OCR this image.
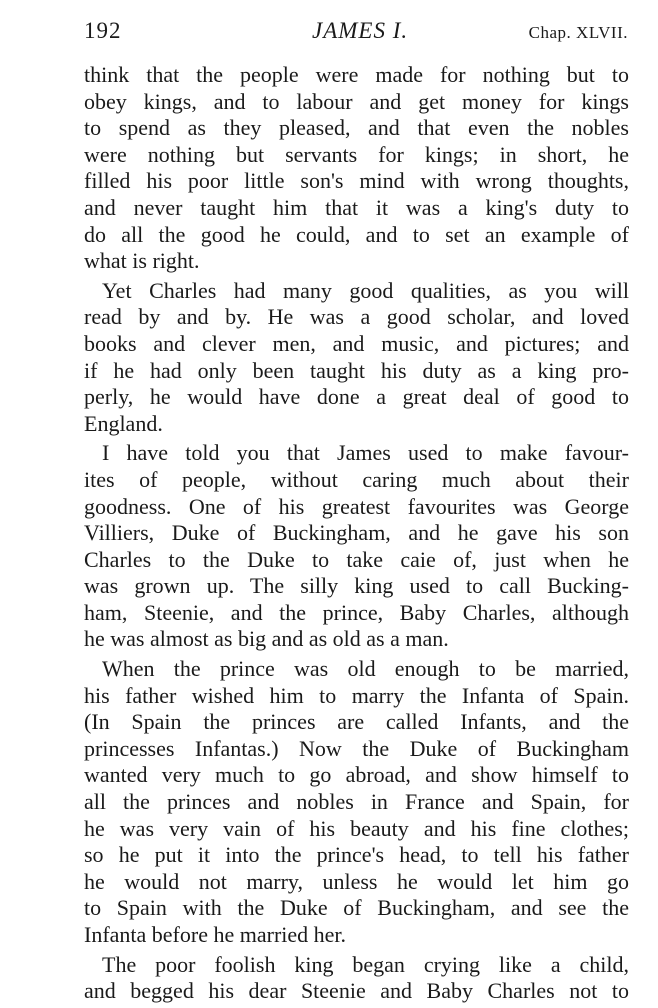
192	JAMES I.	Chap. XLVII.
think that the people were made for nothing but to
obey kings, and to labour and get money for kings
to spend as they pleased, and that even the nobles
were nothing but servants for kings; in short, he
filled his poor little son's mind with wrong thoughts,
and never taught him that it was a king's duty to
do all the good he could, and to set an example of
what is right.
Yet Charles had many good qualities, as you will
read by and by. He was a good scholar, and loved
books and clever men, and music, and pictures; and
if he had only been taught his duty as a king pro-
perly, he would have done a great deal of good to
England.
I have told you that James used to make favour-
ites of people, without caring much about their
goodness. One of his greatest favourites was George
Villiers, Duke of Buckingham, and he gave his son
Charles to the Duke to take caie of, just when he
was grown up. The silly king used to call Bucking-
ham, Steenie, and the prince, Baby Charles, although
he was almost as big and as old as a man.
When the prince was old enough to be married,
his father wished him to marry the Infanta of Spain.
(In Spain the princes are called Infants, and the
princesses Infantas.) Now the Duke of Buckingham
wanted very much to go abroad, and show himself to
all the princes and nobles in France and Spain, for
he was very vain of his beauty and his fine clothes;
so he put it into the prince's head, to tell his father
he would not marry, unless he would let him go
to Spain with the Duke of Buckingham, and see the
Infanta before he married her.
The poor foolish king began crying like a child,
and begged his dear Steenie and Baby Charles not to
